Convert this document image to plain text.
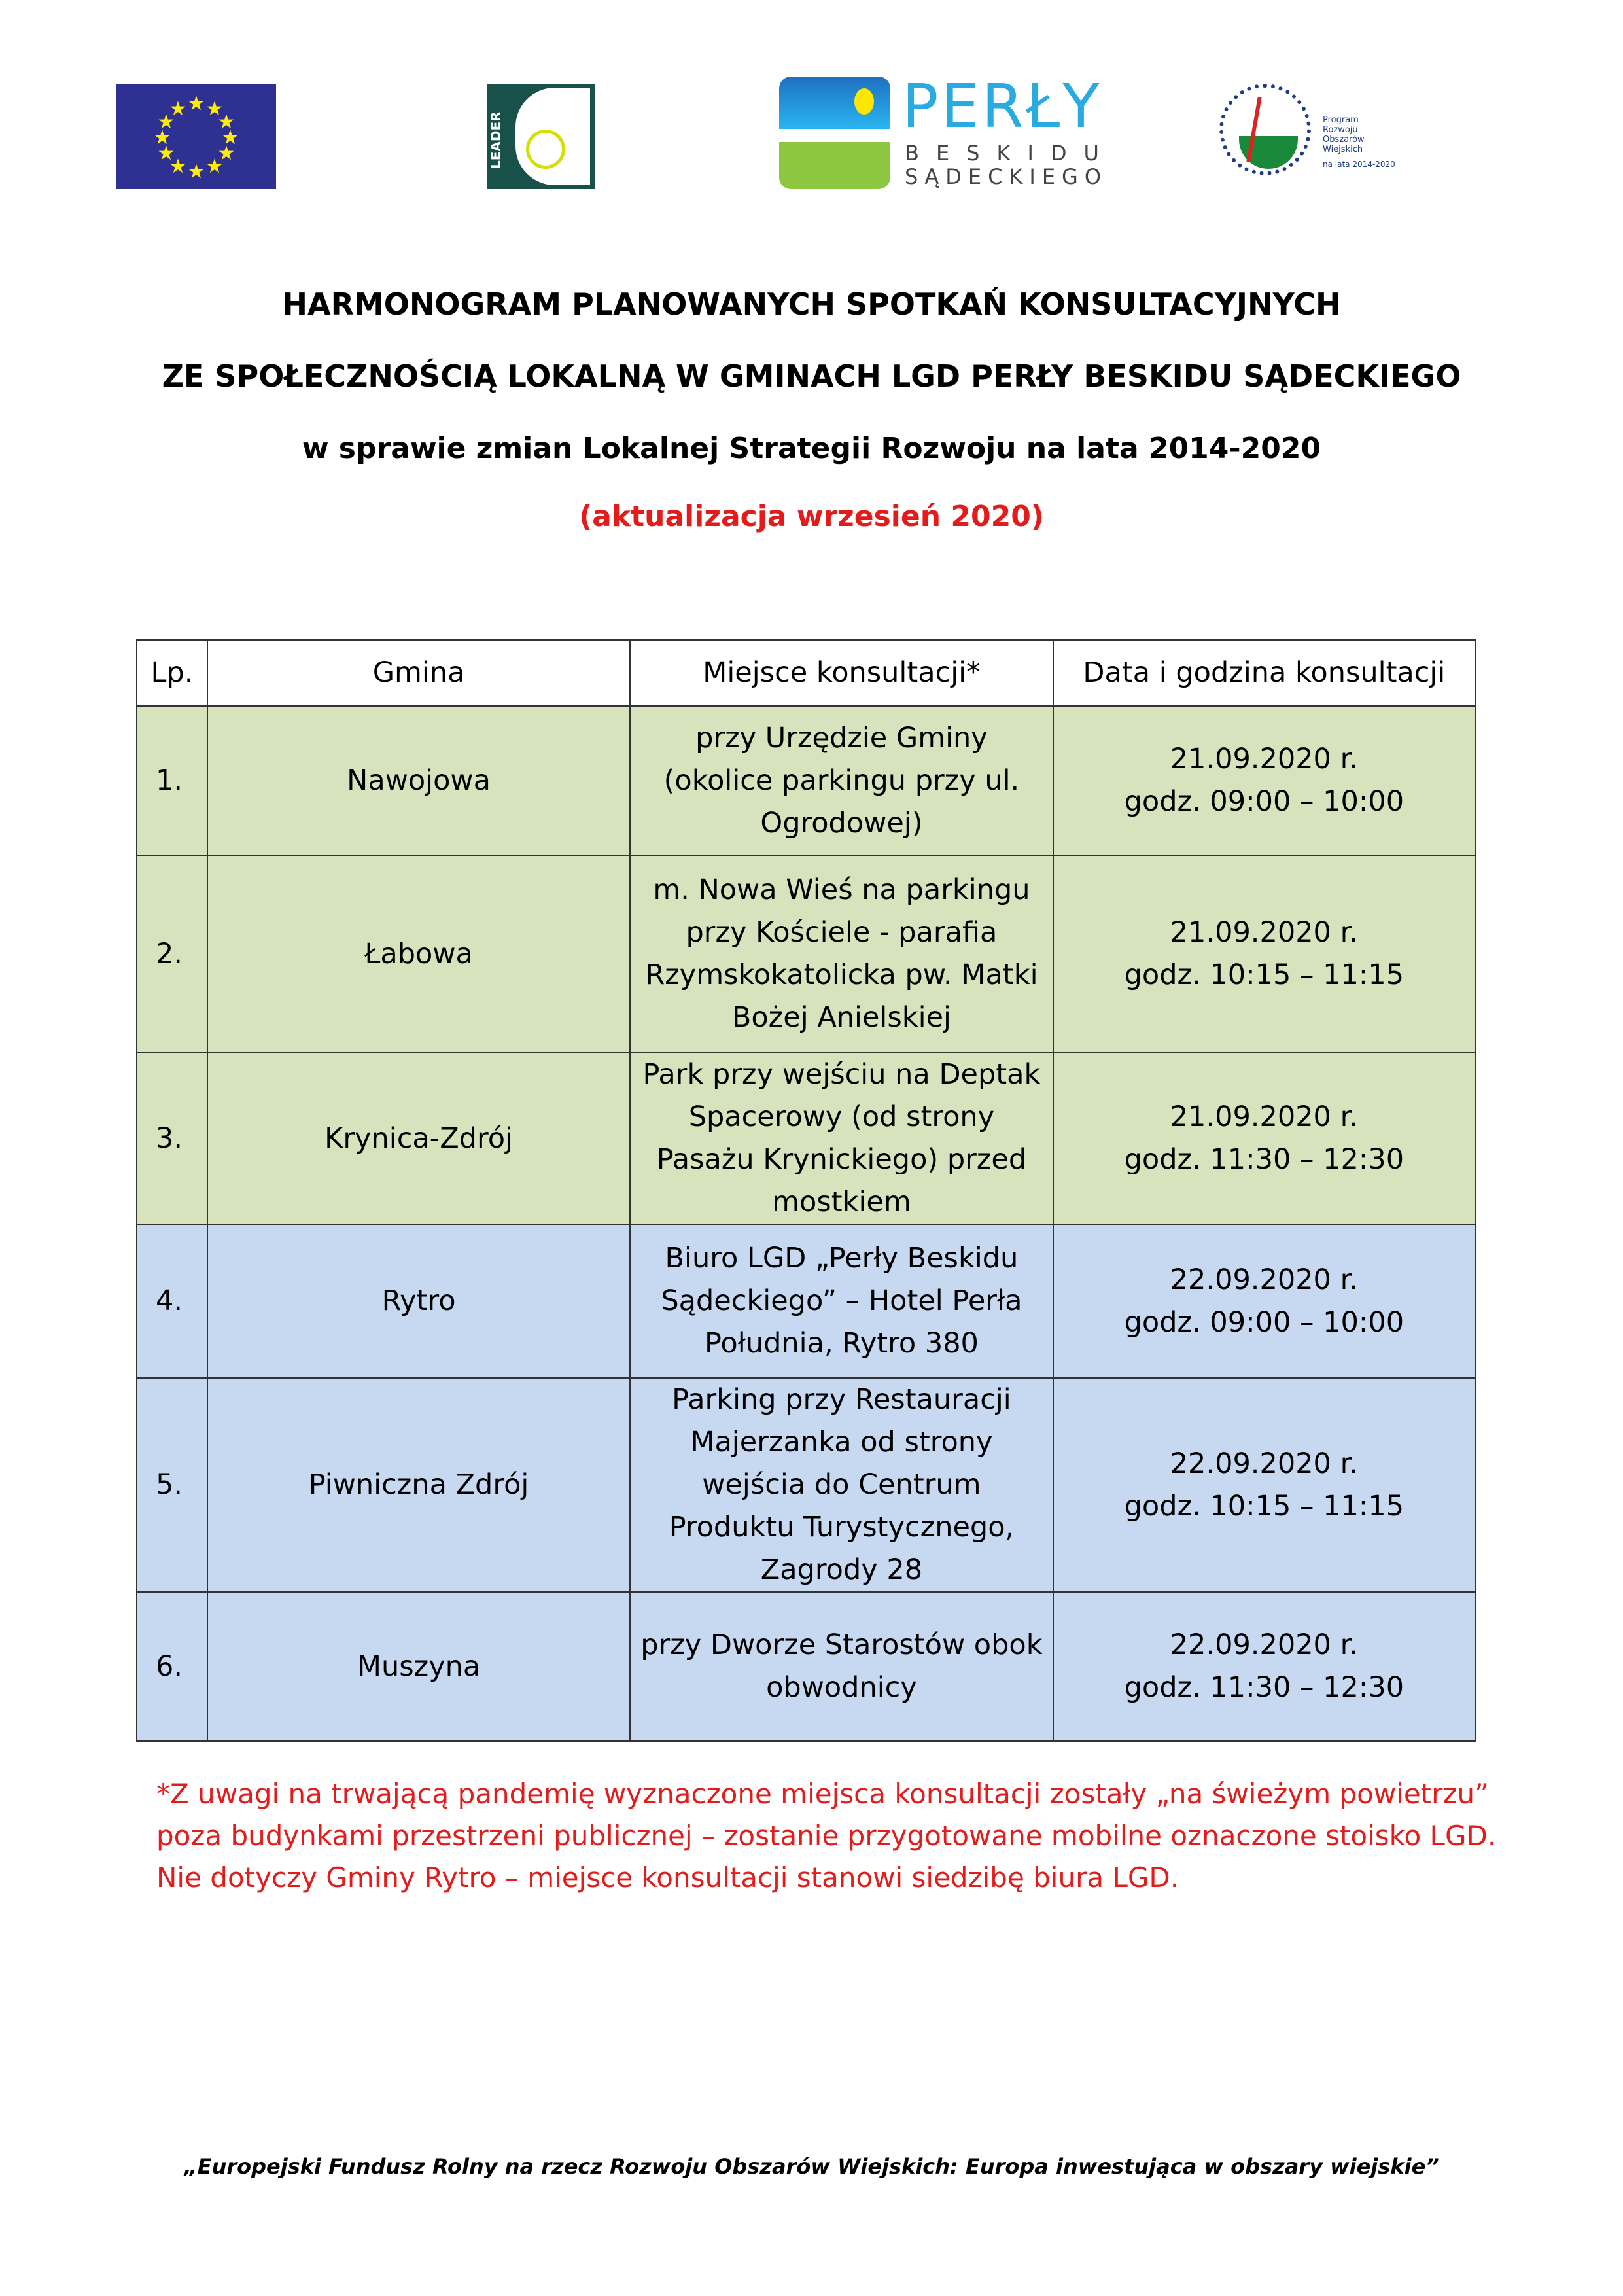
★ ★
★
★
★
★
★
★
★
★
★
★
LEADER	PERŁY
BESKIDU
SĄDECKIEGO
Program
Rozwoju
Obszarów
Wiejskich
na lata 2014-2020
HARMONOGRAM PLANOWANYCH SPOTKAŃ KONSULTACYJNYCH
ZE SPOŁECZNOŚCIĄ LOKALNĄ W GMINACH LGD PERŁY BESKIDU SĄDECKIEGO
w sprawie zmian Lokalnej Strategii Rozwoju na lata 2014-2020
(aktualizacja wrzesień 2020)
Lp.	Gmina	Miejsce konsultacji*	Data i godzina konsultacji
1.	Nawojowa	przy Urzędzie Gminy (okolice parkingu przy ul. Ogrodowej)	21.09.2020 r.
godz. 09:00 – 10:00

2.	Łabowa	m. Nowa Wieś na parkingu przy Kościele - parafia Rzymskokatolicka pw. Matki Bożej Anielskiej	21.09.2020 r.
godz. 10:15 – 11:15

3.	Krynica-Zdrój	Park przy wejściu na Deptak Spacerowy (od strony Pasażu Krynickiego) przed mostkiem	21.09.2020 r.
godz. 11:30 – 12:30

4.	Rytro	Biuro LGD „Perły Beskidu Sądeckiego” – Hotel Perła Południa, Rytro 380	22.09.2020 r.
godz. 09:00 – 10:00

5.	Piwniczna Zdrój	Parking przy Restauracji Majerzanka od strony wejścia do Centrum Produktu Turystycznego, Zagrody 28	22.09.2020 r.
godz. 10:15 – 11:15

6.	Muszyna	przy Dworze Starostów obok obwodnicy	22.09.2020 r.
godz. 11:30 – 12:30
*Z uwagi na trwającą pandemię wyznaczone miejsca konsultacji zostały „na świeżym powietrzu”
poza budynkami przestrzeni publicznej – zostanie przygotowane mobilne oznaczone stoisko LGD.
Nie dotyczy Gminy Rytro – miejsce konsultacji stanowi siedzibę biura LGD.
„Europejski Fundusz Rolny na rzecz Rozwoju Obszarów Wiejskich: Europa inwestująca w obszary wiejskie”
